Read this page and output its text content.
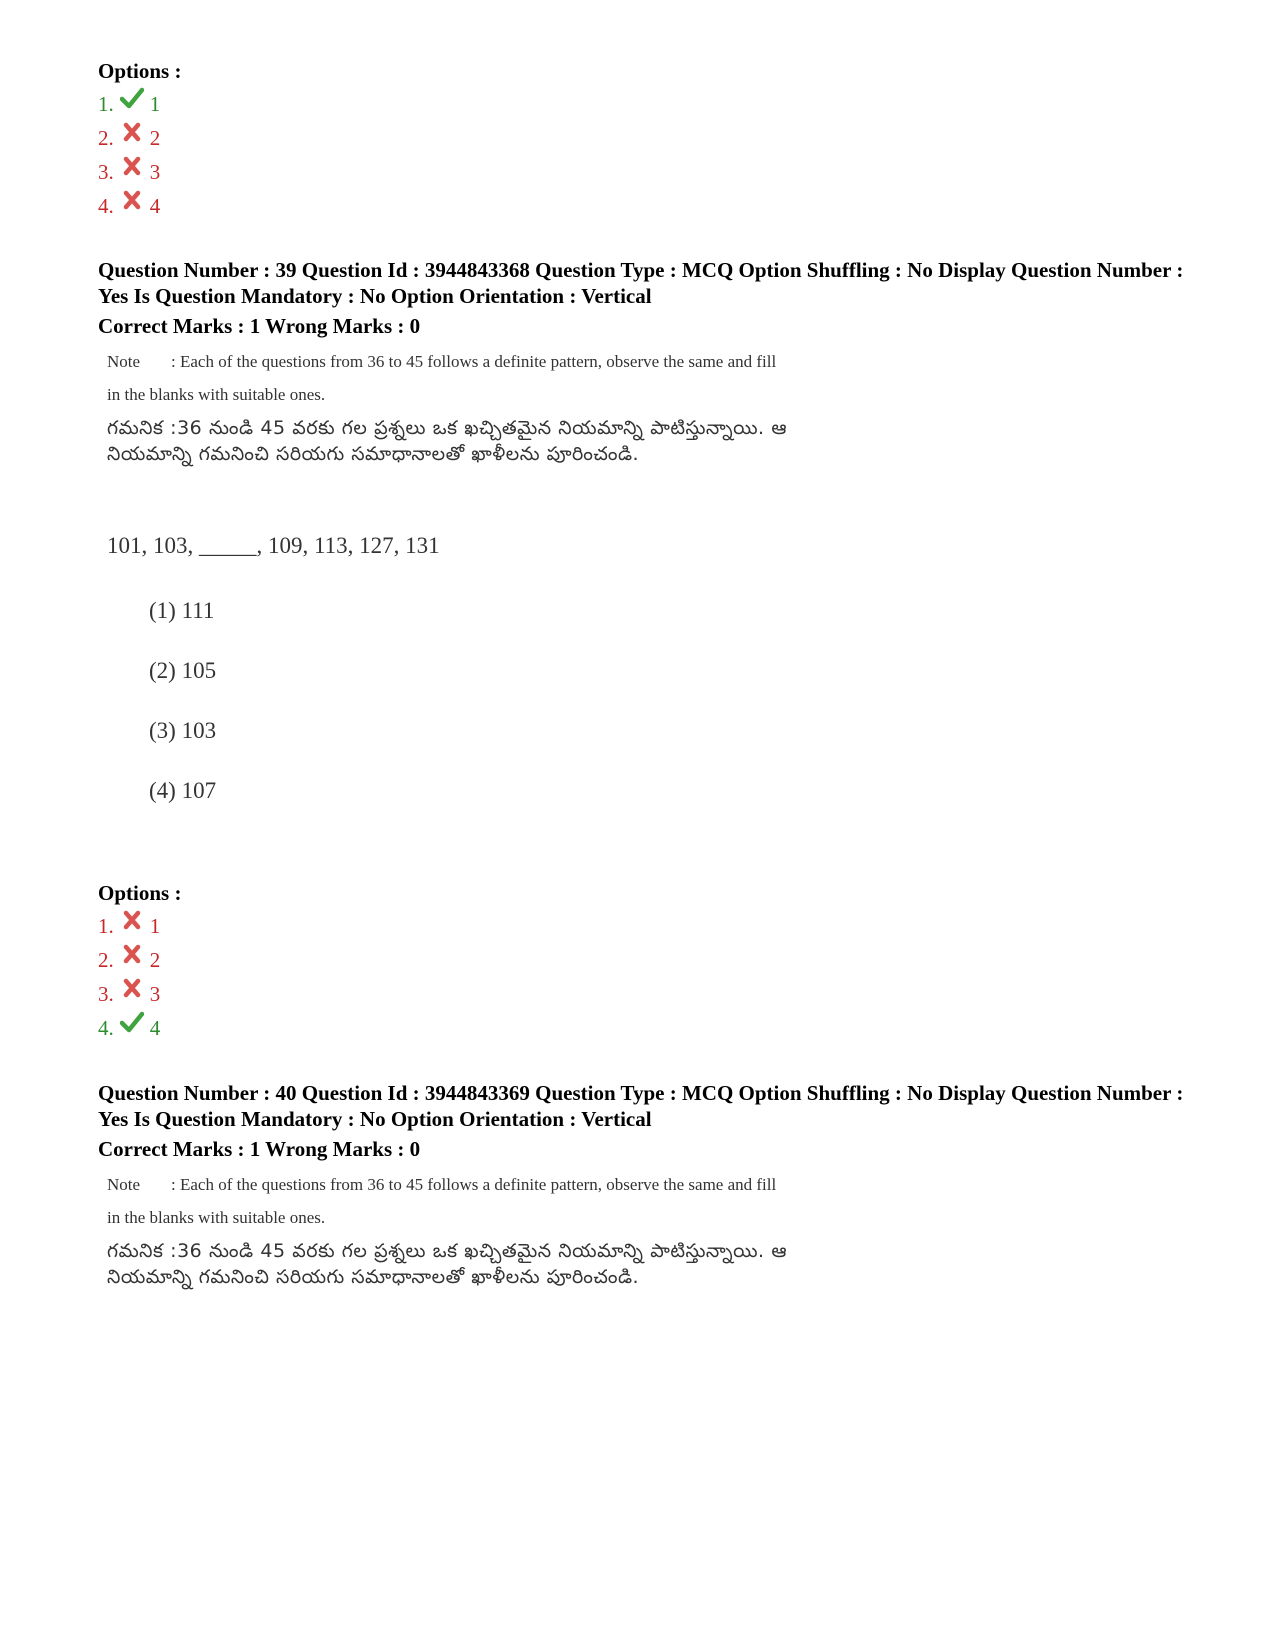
Options :

1. 1
2. 2
3. 3
4. 4

Question Number : 39 Question Id : 3944843368 Question Type : MCQ Option Shuffling : No Display Question Number : Yes Is Question Mandatory : No Option Orientation : Vertical

Correct Marks : 1 Wrong Marks : 0

Note : Each of the questions from 36 to 45 follows a definite pattern, observe the same and fill in the blanks with suitable ones.

గమనిక :36 నుండి 45 వరకు గల ప్రశ్నలు ఒక ఖచ్చితమైన నియమాన్ని పాటిస్తున్నాయి. ఆ నియమాన్ని గమనించి సరియగు సమాధానాలతో ఖాళీలను పూరించండి.

101, 103, _____, 109, 113, 127, 131

(1) 111
(2) 105
(3) 103
(4) 107

Options :

1. 1
2. 2
3. 3
4. 4

Question Number : 40 Question Id : 3944843369 Question Type : MCQ Option Shuffling : No Display Question Number : Yes Is Question Mandatory : No Option Orientation : Vertical

Correct Marks : 1 Wrong Marks : 0

Note : Each of the questions from 36 to 45 follows a definite pattern, observe the same and fill in the blanks with suitable ones.

గమనిక :36 నుండి 45 వరకు గల ప్రశ్నలు ఒక ఖచ్చితమైన నియమాన్ని పాటిస్తున్నాయి. ఆ నియమాన్ని గమనించి సరియగు సమాధానాలతో ఖాళీలను పూరించండి.
